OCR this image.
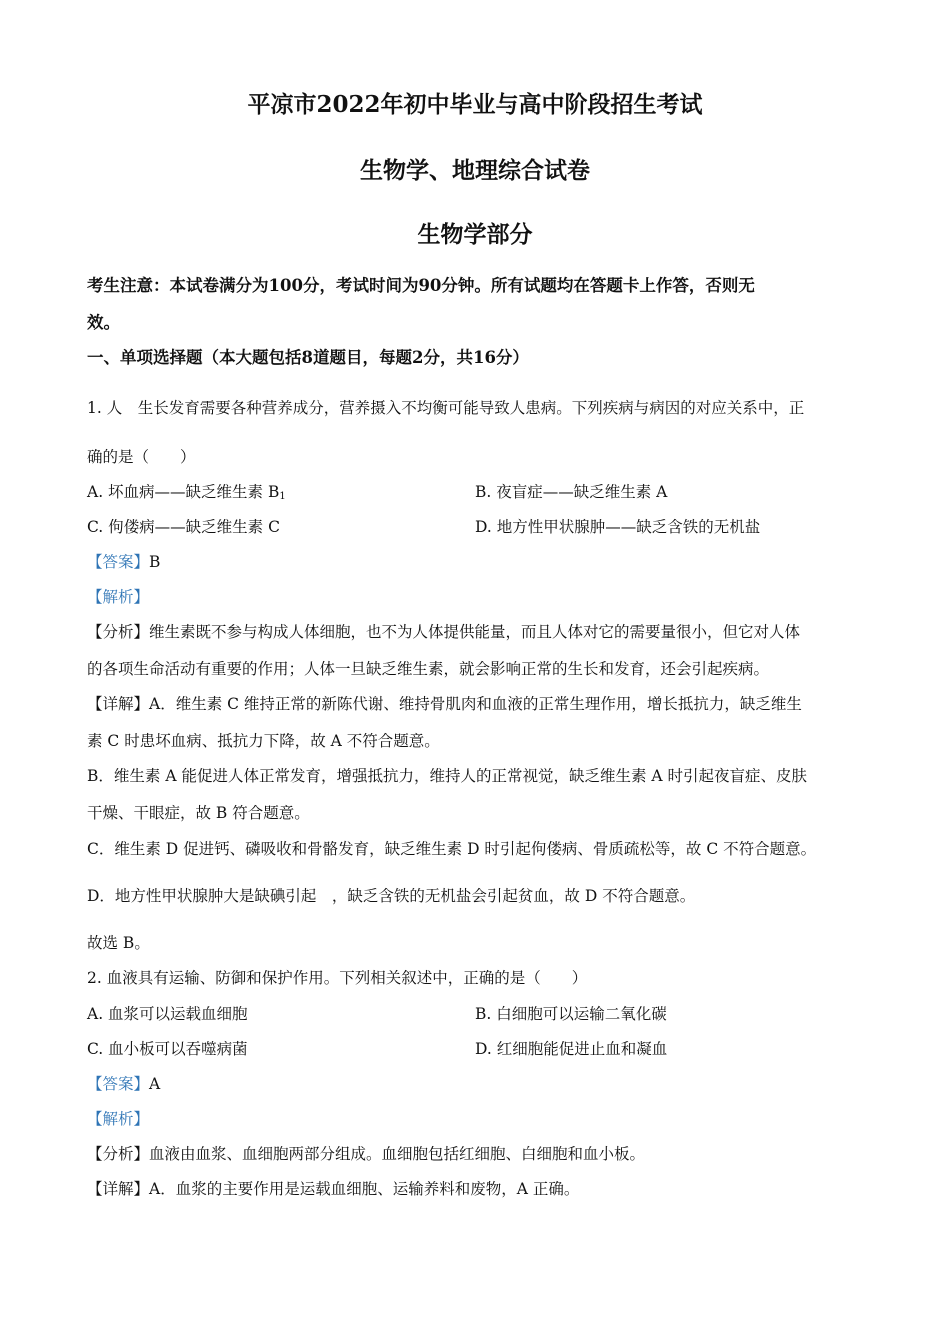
平凉市2022年初中毕业与高中阶段招生考试
生物学、地理综合试卷
生物学部分
考生注意：本试卷满分为100分，考试时间为90分钟。所有试题均在答题卡上作答，否则无
效。
一、单项选择题（本大题包括8道题目，每题2分，共16分）
1. 人　生长发育需要各种营养成分，营养摄入不均衡可能导致人患病。下列疾病与病因的对应关系中，正
确的是（　　）
A. 坏血病——缺乏维生素 $B_1$	B. 夜盲症——缺乏维生素 A
C. 佝偻病——缺乏维生素 C	D. 地方性甲状腺肿——缺乏含铁的无机盐
【答案】B
【解析】
【分析】维生素既不参与构成人体细胞，也不为人体提供能量，而且人体对它的需要量很小，但它对人体
的各项生命活动有重要的作用；人体一旦缺乏维生素，就会影响正常的生长和发育，还会引起疾病。
【详解】A．维生素 C 维持正常的新陈代谢、维持骨肌肉和血液的正常生理作用，增长抵抗力，缺乏维生
素 C 时患坏血病、抵抗力下降，故 A 不符合题意。
B．维生素 A 能促进人体正常发育，增强抵抗力，维持人的正常视觉，缺乏维生素 A 时引起夜盲症、皮肤
干燥、干眼症，故 B 符合题意。
C．维生素 D 促进钙、磷吸收和骨骼发育，缺乏维生素 D 时引起佝偻病、骨质疏松等，故 C 不符合题意。
D．地方性甲状腺肿大是缺碘引起　，缺乏含铁的无机盐会引起贫血，故 D 不符合题意。
故选 B。
2. 血液具有运输、防御和保护作用。下列相关叙述中，正确的是（　　）
A. 血浆可以运载血细胞	B. 白细胞可以运输二氧化碳
C. 血小板可以吞噬病菌	D. 红细胞能促进止血和凝血
【答案】A
【解析】
【分析】血液由血浆、血细胞两部分组成。血细胞包括红细胞、白细胞和血小板。
【详解】A．血浆的主要作用是运载血细胞、运输养料和废物，A 正确。
